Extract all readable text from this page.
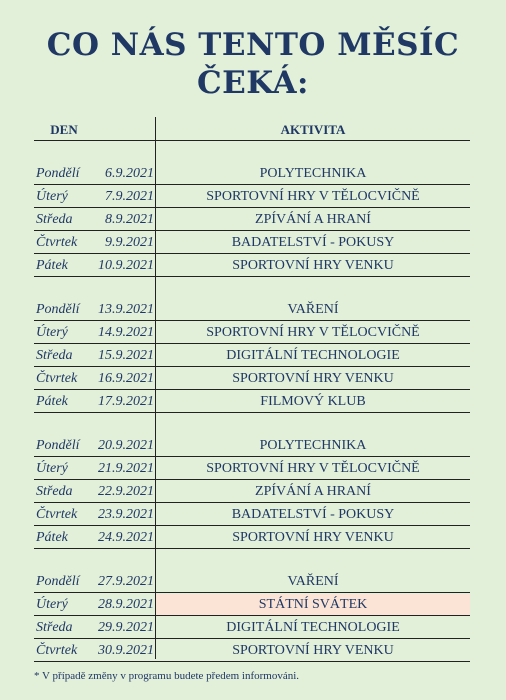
CO NÁS TENTO MĚSÍC
ČEKÁ:
DEN	AKTIVITA
Pondělí	6.9.2021	POLYTECHNIKA
Úterý	7.9.2021	SPORTOVNÍ HRY V TĚLOCVIČNĚ
Středa	8.9.2021	ZPÍVÁNÍ A HRANÍ
Čtvrtek	9.9.2021	BADATELSTVÍ - POKUSY
Pátek	10.9.2021	SPORTOVNÍ HRY VENKU
Pondělí	13.9.2021	VAŘENÍ
Úterý	14.9.2021	SPORTOVNÍ HRY V TĚLOCVIČNĚ
Středa	15.9.2021	DIGITÁLNÍ TECHNOLOGIE
Čtvrtek	16.9.2021	SPORTOVNÍ HRY VENKU
Pátek	17.9.2021	FILMOVÝ KLUB
Pondělí	20.9.2021	POLYTECHNIKA
Úterý	21.9.2021	SPORTOVNÍ HRY V TĚLOCVIČNĚ
Středa	22.9.2021	ZPÍVÁNÍ A HRANÍ
Čtvrtek	23.9.2021	BADATELSTVÍ - POKUSY
Pátek	24.9.2021	SPORTOVNÍ HRY VENKU
Pondělí	27.9.2021	VAŘENÍ
Úterý	28.9.2021	STÁTNÍ SVÁTEK
Středa	29.9.2021	DIGITÁLNÍ TECHNOLOGIE
Čtvrtek	30.9.2021	SPORTOVNÍ HRY VENKU
* V případě změny v programu budete předem informováni.
